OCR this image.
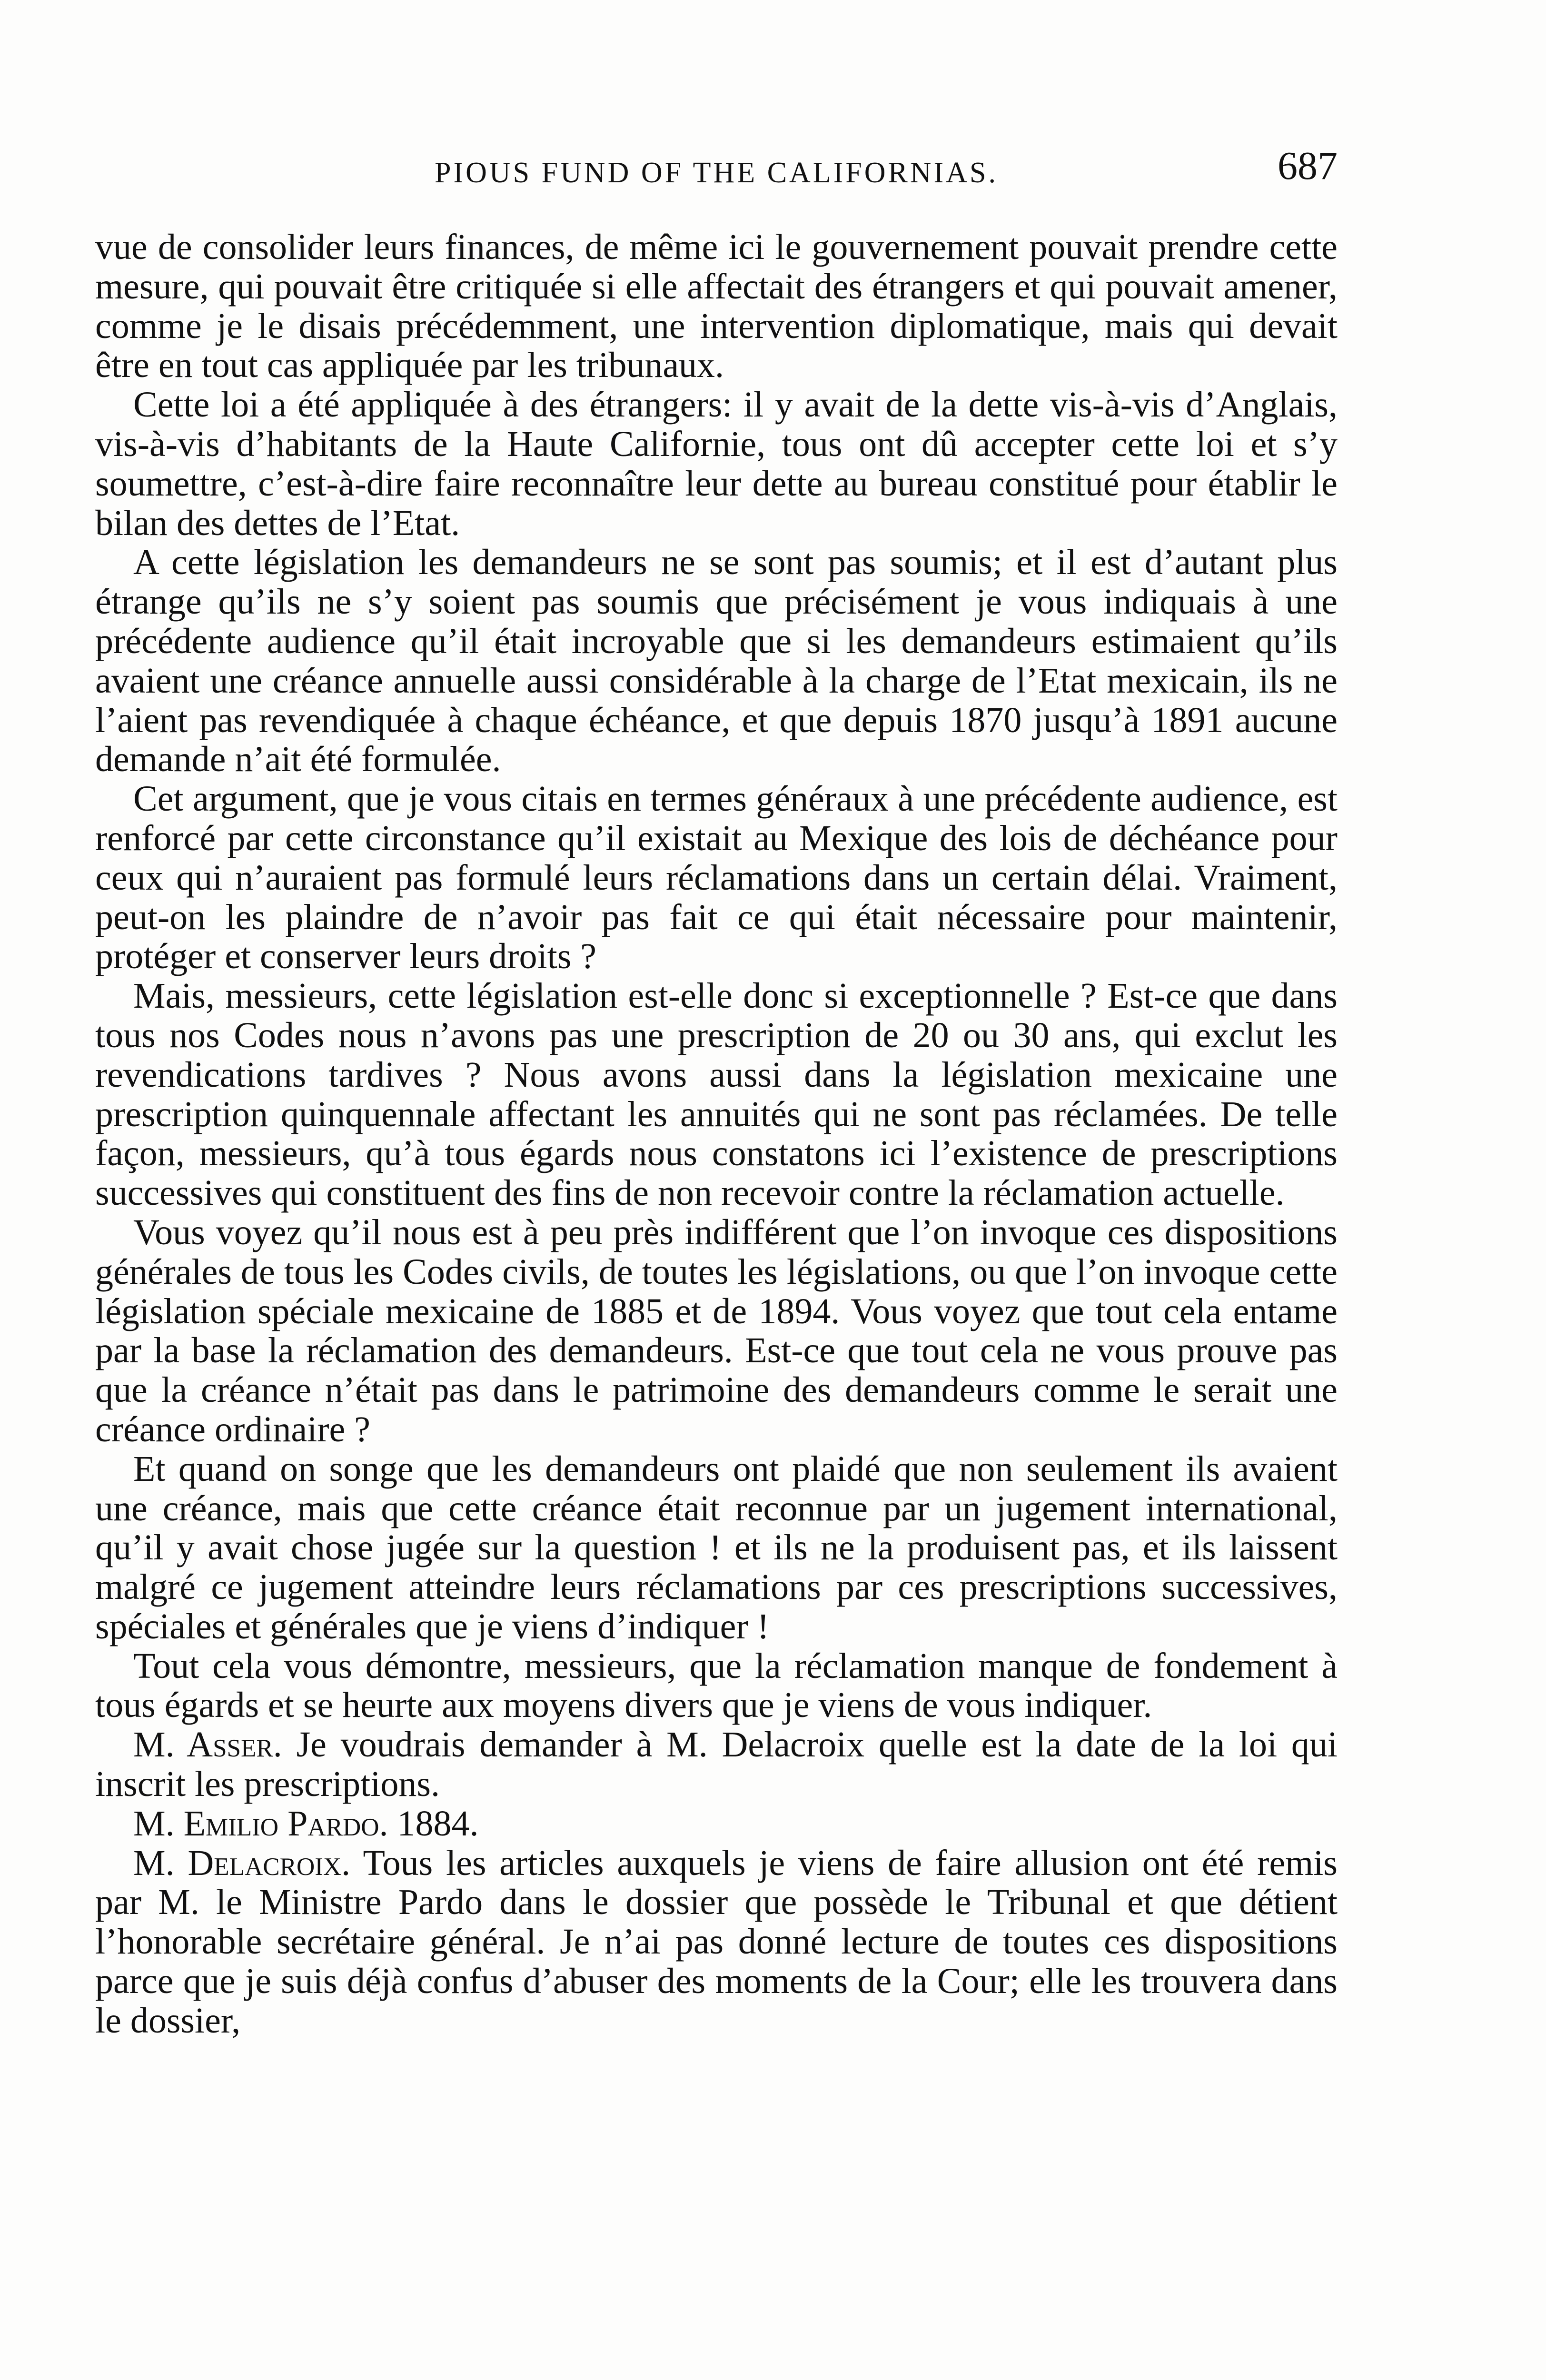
PIOUS FUND OF THE CALIFORNIAS.	687

vue de consolider leurs finances, de même ici le gouvernement pouvait prendre cette mesure, qui pouvait être critiquée si elle affectait des étrangers et qui pouvait amener, comme je le disais précédemment, une intervention diplomatique, mais qui devait être en tout cas appliquée par les tribunaux.

Cette loi a été appliquée à des étrangers: il y avait de la dette vis-à-vis d’Anglais, vis-à-vis d’habitants de la Haute Californie, tous ont dû accepter cette loi et s’y soumettre, c’est-à-dire faire reconnaître leur dette au bureau constitué pour établir le bilan des dettes de l’Etat.

A cette législation les demandeurs ne se sont pas soumis; et il est d’autant plus étrange qu’ils ne s’y soient pas soumis que précisément je vous indiquais à une précédente audience qu’il était incroyable que si les demandeurs estimaient qu’ils avaient une créance annuelle aussi considérable à la charge de l’Etat mexicain, ils ne l’aient pas revendiquée à chaque échéance, et que depuis 1870 jusqu’à 1891 aucune demande n’ait été formulée.

Cet argument, que je vous citais en termes généraux à une précédente audience, est renforcé par cette circonstance qu’il existait au Mexique des lois de déchéance pour ceux qui n’auraient pas formulé leurs réclamations dans un certain délai. Vraiment, peut-on les plaindre de n’avoir pas fait ce qui était nécessaire pour maintenir, protéger et conserver leurs droits ?

Mais, messieurs, cette législation est-elle donc si exceptionnelle ? Est-ce que dans tous nos Codes nous n’avons pas une prescription de 20 ou 30 ans, qui exclut les revendications tardives ? Nous avons aussi dans la législation mexicaine une prescription quinquennale affectant les annuités qui ne sont pas réclamées. De telle façon, messieurs, qu’à tous égards nous constatons ici l’existence de prescriptions successives qui constituent des fins de non recevoir contre la réclamation actuelle.

Vous voyez qu’il nous est à peu près indifférent que l’on invoque ces dispositions générales de tous les Codes civils, de toutes les législations, ou que l’on invoque cette législation spéciale mexicaine de 1885 et de 1894. Vous voyez que tout cela entame par la base la réclamation des demandeurs. Est-ce que tout cela ne vous prouve pas que la créance n’était pas dans le patrimoine des demandeurs comme le serait une créance ordinaire ?

Et quand on songe que les demandeurs ont plaidé que non seulement ils avaient une créance, mais que cette créance était reconnue par un jugement international, qu’il y avait chose jugée sur la question ! et ils ne la produisent pas, et ils laissent malgré ce jugement atteindre leurs réclamations par ces prescriptions successives, spéciales et générales que je viens d’indiquer !

Tout cela vous démontre, messieurs, que la réclamation manque de fondement à tous égards et se heurte aux moyens divers que je viens de vous indiquer.

M. Asser. Je voudrais demander à M. Delacroix quelle est la date de la loi qui inscrit les prescriptions.

M. Emilio Pardo. 1884.

M. Delacroix. Tous les articles auxquels je viens de faire allusion ont été remis par M. le Ministre Pardo dans le dossier que possède le Tribunal et que détient l’honorable secrétaire général. Je n’ai pas donné lecture de toutes ces dispositions parce que je suis déjà confus d’abuser des moments de la Cour; elle les trouvera dans le dossier,
